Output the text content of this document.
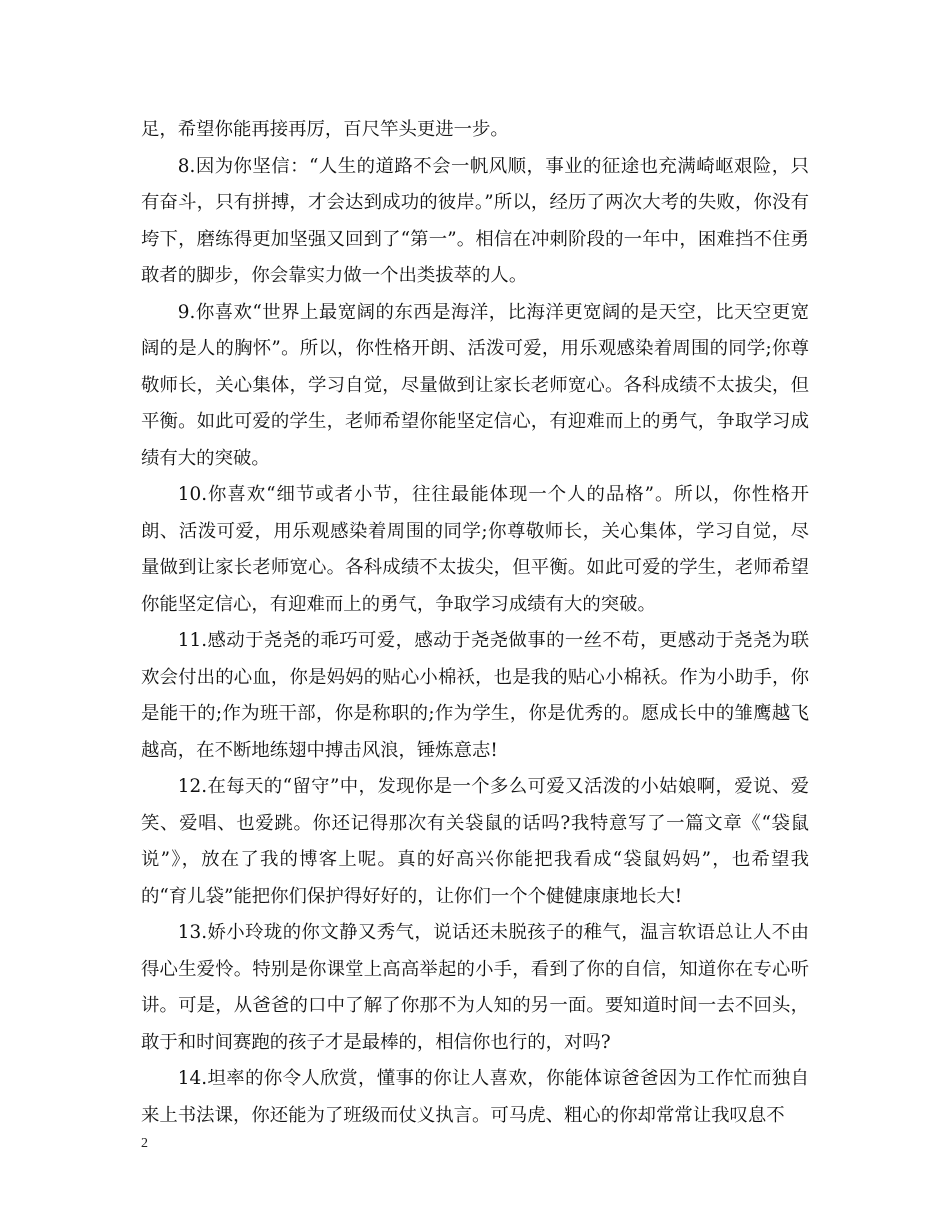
足，希望你能再接再厉，百尺竿头更进一步。

8.因为你坚信：“人生的道路不会一帆风顺，事业的征途也充满崎岖艰险，只有奋斗，只有拼搏，才会达到成功的彼岸。”所以，经历了两次大考的失败，你没有垮下，磨练得更加坚强又回到了“第一”。相信在冲刺阶段的一年中，困难挡不住勇敢者的脚步，你会靠实力做一个出类拔萃的人。

9.你喜欢“世界上最宽阔的东西是海洋，比海洋更宽阔的是天空，比天空更宽阔的是人的胸怀”。所以，你性格开朗、活泼可爱，用乐观感染着周围的同学;你尊敬师长，关心集体，学习自觉，尽量做到让家长老师宽心。各科成绩不太拔尖，但平衡。如此可爱的学生，老师希望你能坚定信心，有迎难而上的勇气，争取学习成绩有大的突破。

10.你喜欢“细节或者小节，往往最能体现一个人的品格”。所以，你性格开朗、活泼可爱，用乐观感染着周围的同学;你尊敬师长，关心集体，学习自觉，尽量做到让家长老师宽心。各科成绩不太拔尖，但平衡。如此可爱的学生，老师希望你能坚定信心，有迎难而上的勇气，争取学习成绩有大的突破。

11.感动于尧尧的乖巧可爱，感动于尧尧做事的一丝不苟，更感动于尧尧为联欢会付出的心血，你是妈妈的贴心小棉袄，也是我的贴心小棉袄。作为小助手，你是能干的;作为班干部，你是称职的;作为学生，你是优秀的。愿成长中的雏鹰越飞越高，在不断地练翅中搏击风浪，锤炼意志!

12.在每天的“留守”中，发现你是一个多么可爱又活泼的小姑娘啊，爱说、爱笑、爱唱、也爱跳。你还记得那次有关袋鼠的话吗?我特意写了一篇文章《“袋鼠说”》，放在了我的博客上呢。真的好高兴你能把我看成“袋鼠妈妈”，也希望我的“育儿袋”能把你们保护得好好的，让你们一个个健健康康地长大!

13.娇小玲珑的你文静又秀气，说话还未脱孩子的稚气，温言软语总让人不由得心生爱怜。特别是你课堂上高高举起的小手，看到了你的自信，知道你在专心听讲。可是，从爸爸的口中了解了你那不为人知的另一面。要知道时间一去不回头，敢于和时间赛跑的孩子才是最棒的，相信你也行的，对吗?

14.坦率的你令人欣赏，懂事的你让人喜欢，你能体谅爸爸因为工作忙而独自来上书法课，你还能为了班级而仗义执言。可马虎、粗心的你却常常让我叹息不

2
